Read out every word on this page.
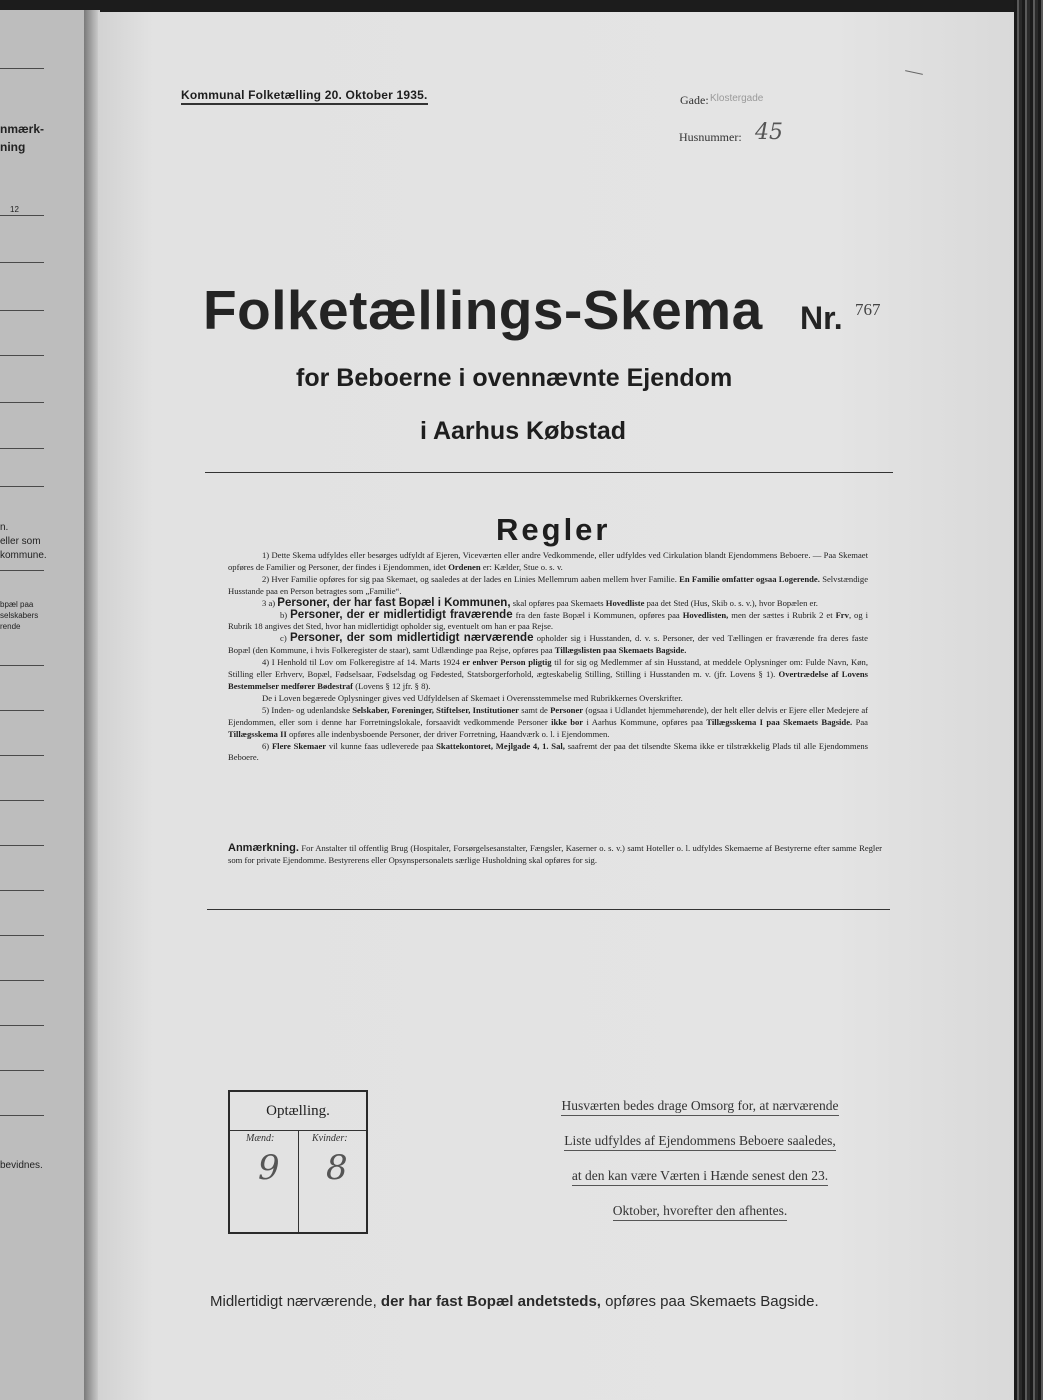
nmærk-
ning
12
n.
eller som
kommune.
bpæl paa
selskabers
rende
bevidnes.
Kommunal Folketælling 20. Oktober 1935.	Gade: Klostergade
Husnummer: 45
Folketællings-Skema Nr. 767
for Beboerne i ovennævnte Ejendom
i Aarhus Købstad
Regler

1) Dette Skema udfyldes eller besørges udfyldt af Ejeren, Viceværten eller andre Vedkommende, eller udfyldes ved Cirkulation blandt Ejendommens Beboere. — Paa Skemaet opføres de Familier og Personer, der findes i Ejendommen, idet Ordenen er: Kælder, Stue o. s. v.

2) Hver Familie opføres for sig paa Skemaet, og saaledes at der lades en Linies Mellemrum aaben mellem hver Familie. En Familie omfatter ogsaa Logerende. Selvstændige Husstande paa en Person betragtes som „Familie“.

3 a) Personer, der har fast Bopæl i Kommunen, skal opføres paa Skemaets Hovedliste paa det Sted (Hus, Skib o. s. v.), hvor Bopælen er.

b) Personer, der er midlertidigt fraværende fra den faste Bopæl i Kommunen, opføres paa Hovedlisten, men der sættes i Rubrik 2 et Frv, og i Rubrik 18 angives det Sted, hvor han midlertidigt opholder sig, eventuelt om han er paa Rejse.

c) Personer, der som midlertidigt nærværende opholder sig i Husstanden, d. v. s. Personer, der ved Tællingen er fraværende fra deres faste Bopæl (den Kommune, i hvis Folkeregister de staar), samt Udlændinge paa Rejse, opføres paa Tillægslisten paa Skemaets Bagside.

4) I Henhold til Lov om Folkeregistre af 14. Marts 1924 er enhver Person pligtig til for sig og Medlemmer af sin Husstand, at meddele Oplysninger om: Fulde Navn, Køn, Stilling eller Erhverv, Bopæl, Fødselsaar, Fødselsdag og Fødested, Statsborgerforhold, ægteskabelig Stilling, Stilling i Husstanden m. v. (jfr. Lovens § 1). Overtrædelse af Lovens Bestemmelser medfører Bødestraf (Lovens § 12 jfr. § 8).

De i Loven begærede Oplysninger gives ved Udfyldelsen af Skemaet i Overensstemmelse med Rubrikkernes Overskrifter.

5) Inden- og udenlandske Selskaber, Foreninger, Stiftelser, Institutioner samt de Personer (ogsaa i Udlandet hjemmehørende), der helt eller delvis er Ejere eller Medejere af Ejendommen, eller som i denne har Forretningslokale, forsaavidt vedkommende Personer ikke bor i Aarhus Kommune, opføres paa Tillægsskema I paa Skemaets Bagside. Paa Tillægsskema II opføres alle indenbysboende Personer, der driver Forretning, Haandværk o. l. i Ejendommen.

6) Flere Skemaer vil kunne faas udleverede paa Skattekontoret, Mejlgade 4, 1. Sal, saafremt der paa det tilsendte Skema ikke er tilstrækkelig Plads til alle Ejendommens Beboere.

Anmærkning. For Anstalter til offentlig Brug (Hospitaler, Forsørgelsesanstalter, Fængsler, Kaserner o. s. v.) samt Hoteller o. l. udfyldes Skemaerne af Bestyrerne efter samme Regler som for private Ejendomme. Bestyrerens eller Opsynspersonalets særlige Husholdning skal opføres for sig.
Optælling.
Mænd:	Kvinder:
9 8
Husværten bedes drage Omsorg for, at nærværende
Liste udfyldes af Ejendommens Beboere saaledes,
at den kan være Værten i Hænde senest den 23.
Oktober, hvorefter den afhentes.
Midlertidigt nærværende, der har fast Bopæl andetsteds, opføres paa Skemaets Bagside.
